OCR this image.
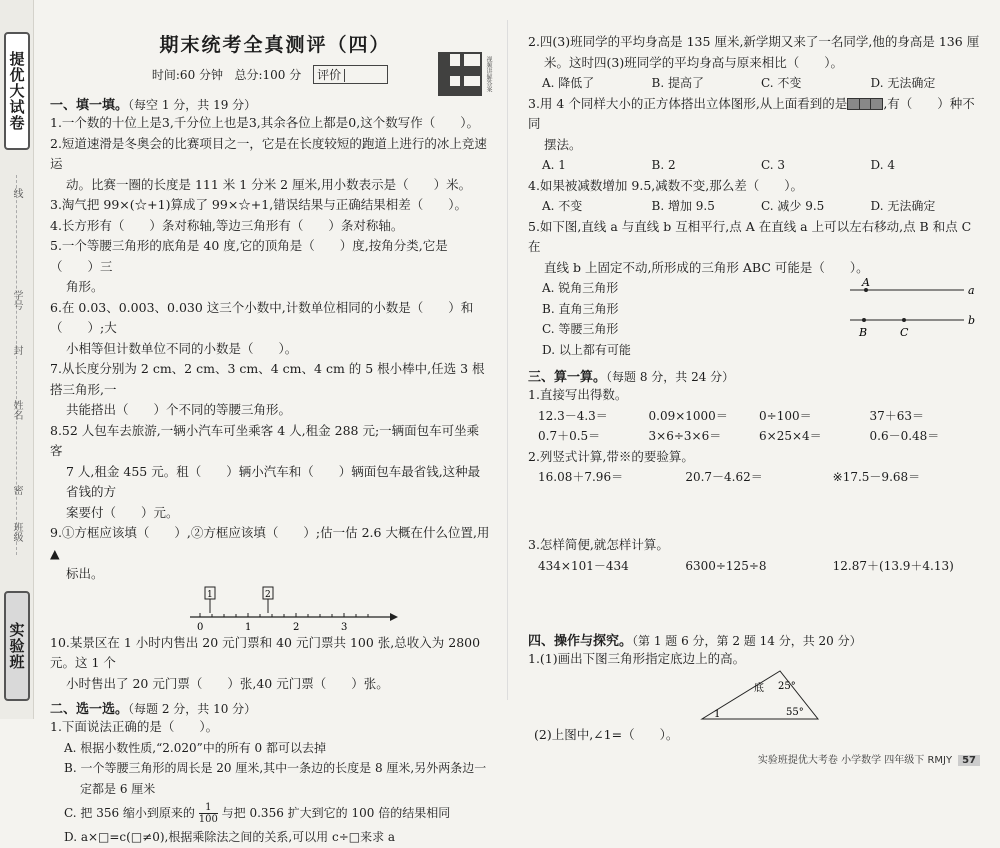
提优大试卷
线
学号
封
姓名
密
班级
实验班
期末统考全真测评（四）
时间:60 分钟 总分:100 分 评价	视频讲解答案
一、填一填。（每空 1 分，共 19 分）
1.一个数的十位上是3,千分位上也是3,其余各位上都是0,这个数写作（　　）。
2.短道速滑是冬奥会的比赛项目之一，它是在长度较短的跑道上进行的冰上竞速运
动。比赛一圈的长度是 111 米 1 分米 2 厘米,用小数表示是（　　）米。
3.淘气把 99×(☆+1)算成了 99×☆+1,错误结果与正确结果相差（　　）。
4.长方形有（　　）条对称轴,等边三角形有（　　）条对称轴。
5.一个等腰三角形的底角是 40 度,它的顶角是（　　）度,按角分类,它是（　　）三
角形。
6.在 0.03、0.003、0.030 这三个小数中,计数单位相同的小数是（　　）和（　　）;大
小相等但计数单位不同的小数是（　　）。
7.从长度分别为 2 cm、2 cm、3 cm、4 cm、4 cm 的 5 根小棒中,任选 3 根搭三角形,一
共能搭出（　　）个不同的等腰三角形。
8.52 人包车去旅游,一辆小汽车可坐乘客 4 人,租金 288 元;一辆面包车可坐乘客
7 人,租金 455 元。租（　　）辆小汽车和（　　）辆面包车最省钱,这种最省钱的方
案要付（　　）元。
9.①方框应该填（　　）,②方框应该填（　　）;估一估 2.6 大概在什么位置,用▲
标出。
0	1	2	3
1	2
10.某景区在 1 小时内售出 20 元门票和 40 元门票共 100 张,总收入为 2800 元。这 1 个
小时售出了 20 元门票（　　）张,40 元门票（　　）张。
二、选一选。（每题 2 分，共 10 分）
1.下面说法正确的是（　　）。
A. 根据小数性质,“2.020”中的所有 0 都可以去掉
B. 一个等腰三角形的周长是 20 厘米,其中一条边的长度是 8 厘米,另外两条边一
定都是 6 厘米
C. 把 356 缩小到原来的 $\frac{1}{100}$ 与把 0.356 扩大到它的 100 倍的结果相同
D. a×□=c(□≠0),根据乘除法之间的关系,可以用 c÷□来求 a
2.四(3)班同学的平均身高是 135 厘米,新学期又来了一名同学,他的身高是 136 厘
米。这时四(3)班同学的平均身高与原来相比（　　）。
A. 降低了	B. 提高了	C. 不变	D. 无法确定
3.用 4 个同样大小的正方体搭出立体图形,从上面看到的是	,有（　　）种不同
摆法。
A. 1	B. 2	C. 3	D. 4
4.如果被减数增加 9.5,减数不变,那么差（　　）。
A. 不变	B. 增加 9.5	C. 减少 9.5	D. 无法确定
5.如下图,直线 a 与直线 b 互相平行,点 A 在直线 a 上可以左右移动,点 B 和点 C 在
直线 b 上固定不动,所形成的三角形 ABC 可能是（　　）。
A. 锐角三角形
B. 直角三角形
C. 等腰三角形
D. 以上都有可能
A
a
b
B	C
三、算一算。（每题 8 分，共 24 分）
1.直接写出得数。
12.3－4.3＝	0.09×1000＝	0÷100＝	37＋63＝
0.7＋0.5＝	3×6÷3×6＝	6×25×4＝	0.6－0.48＝
2.列竖式计算,带※的要验算。
16.08＋7.96＝	20.7－4.62＝	※17.5－9.68＝
3.怎样简便,就怎样计算。
434×101－434	6300÷125÷8	12.87＋(13.9＋4.13)
四、操作与探究。（第 1 题 6 分，第 2 题 14 分，共 20 分）
1.(1)画出下图三角形指定底边上的高。
底 25°
55°
1
(2)上图中,∠1=（　　）。
实验班提优大考卷 小学数学 四年级下 RMJY 57
